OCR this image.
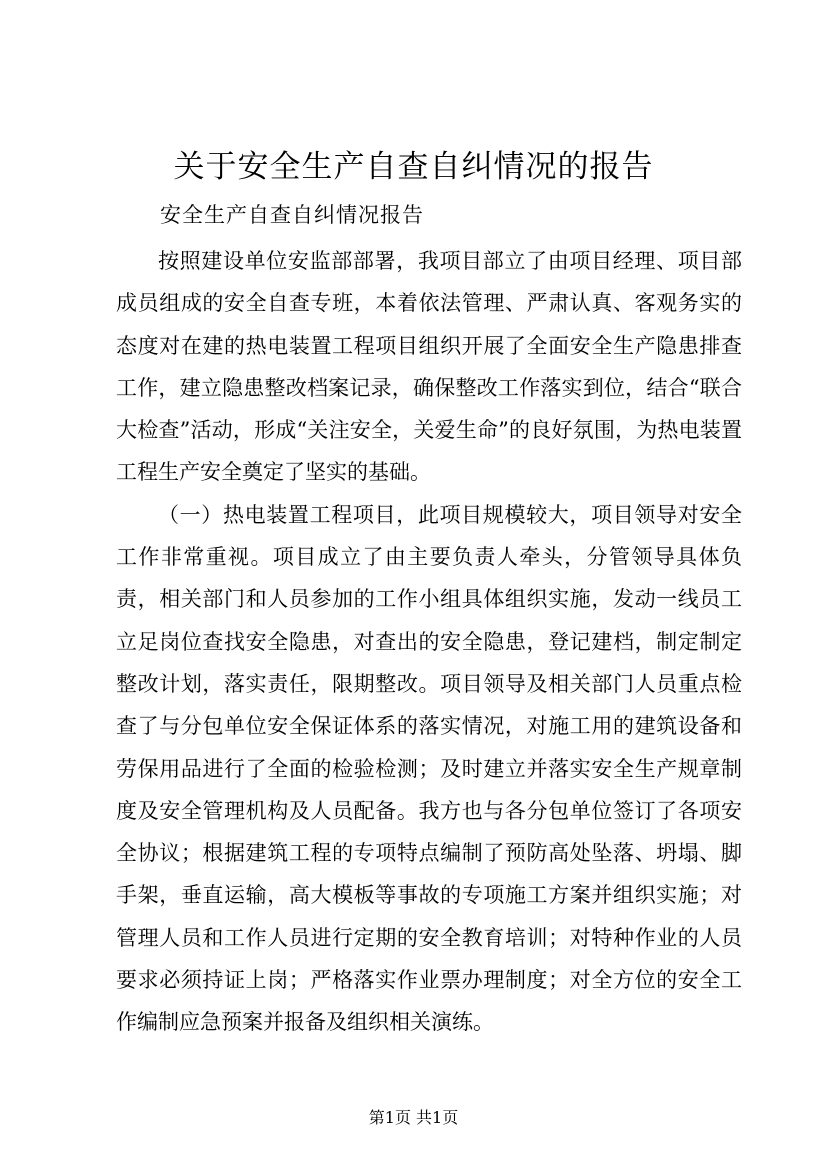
关于安全生产自查自纠情况的报告
安全生产自查自纠情况报告

按照建设单位安监部部署，我项目部立了由项目经理、项目部成员组成的安全自查专班，本着依法管理、严肃认真、客观务实的态度对在建的热电装置工程项目组织开展了全面安全生产隐患排查工作，建立隐患整改档案记录，确保整改工作落实到位，结合“联合大检查”活动，形成“关注安全，关爱生命”的良好氛围，为热电装置工程生产安全奠定了坚实的基础。

（一）热电装置工程项目，此项目规模较大，项目领导对安全工作非常重视。项目成立了由主要负责人牵头，分管领导具体负责，相关部门和人员参加的工作小组具体组织实施，发动一线员工立足岗位查找安全隐患，对查出的安全隐患，登记建档，制定制定整改计划，落实责任，限期整改。项目领导及相关部门人员重点检查了与分包单位安全保证体系的落实情况，对施工用的建筑设备和劳保用品进行了全面的检验检测；及时建立并落实安全生产规章制度及安全管理机构及人员配备。我方也与各分包单位签订了各项安全协议；根据建筑工程的专项特点编制了预防高处坠落、坍塌、脚手架，垂直运输，高大模板等事故的专项施工方案并组织实施；对管理人员和工作人员进行定期的安全教育培训；对特种作业的人员要求必须持证上岗；严格落实作业票办理制度；对全方位的安全工作编制应急预案并报备及组织相关演练。

第1页 共1页
